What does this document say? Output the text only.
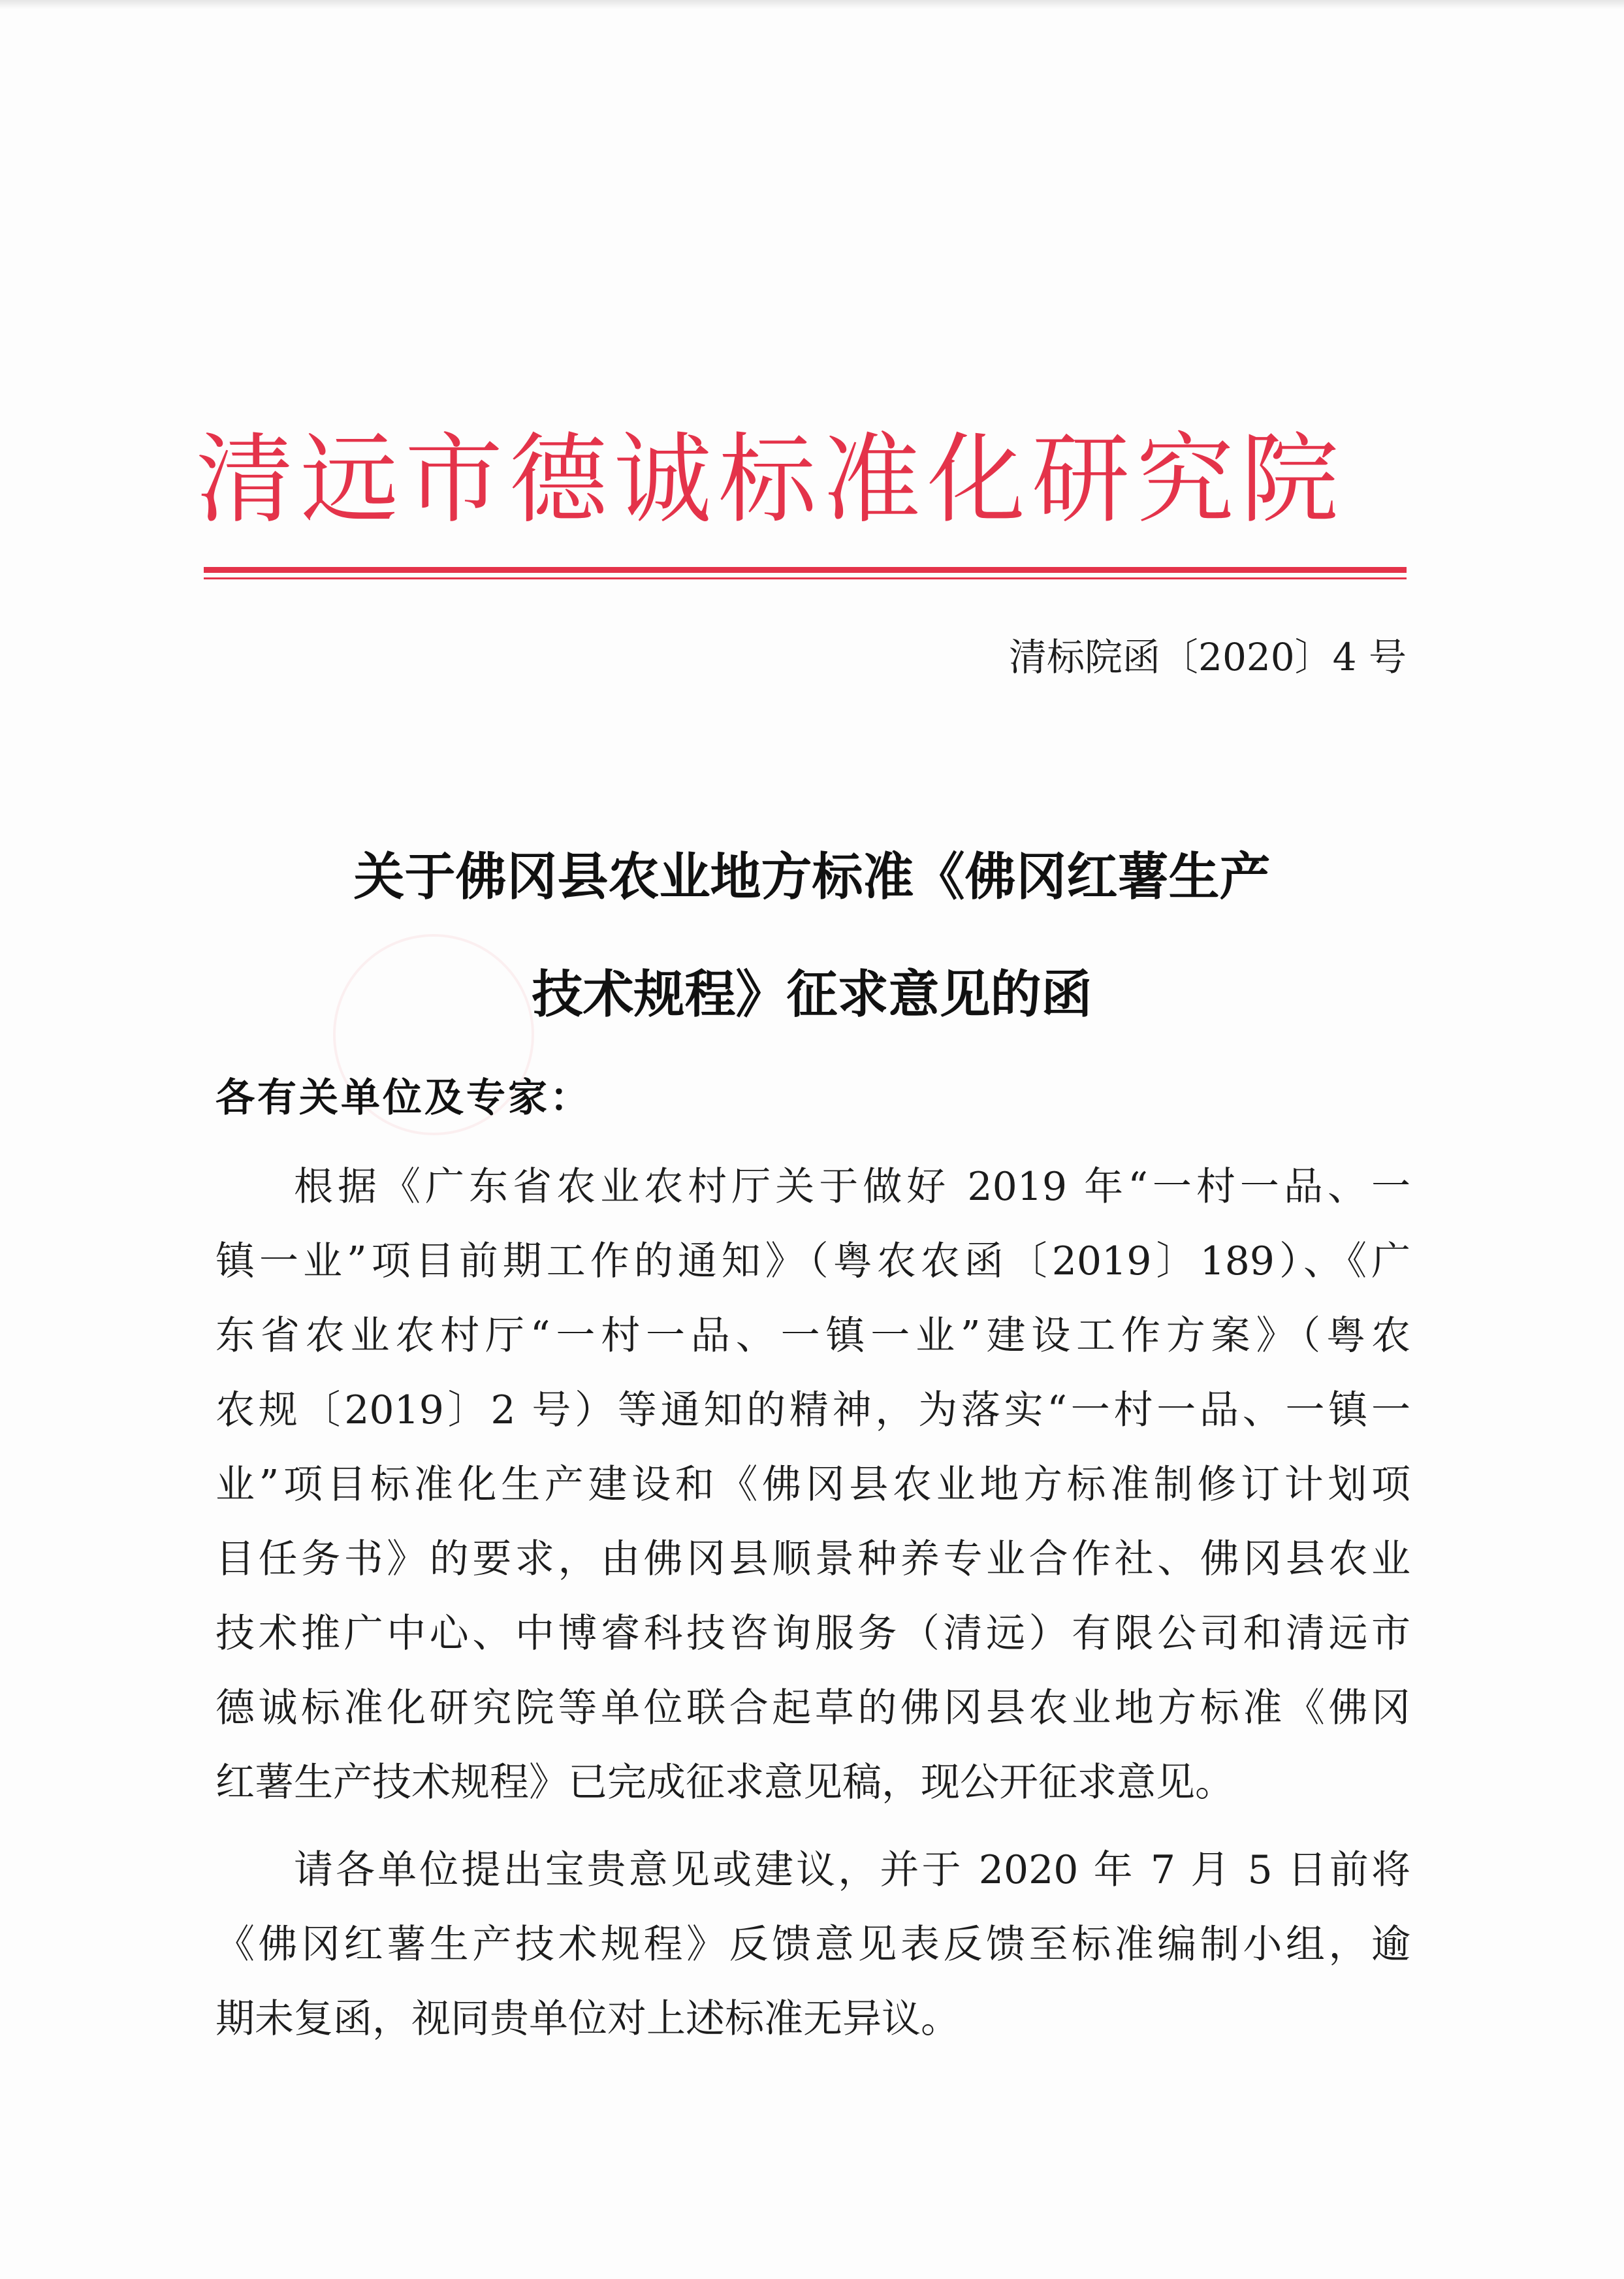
清远市德诚标准化研究院
清标院函〔2020〕4 号
关于佛冈县农业地方标准《佛冈红薯生产
技术规程》征求意见的函
各有关单位及专家：
根据《广东省农业农村厅关于做好 2019 年“一村一品、一
镇一业”项目前期工作的通知》（粤农农函〔2019〕189）、《广
东省农业农村厅“一村一品、一镇一业”建设工作方案》（粤农
农规〔2019〕2 号）等通知的精神，为落实“一村一品、一镇一
业”项目标准化生产建设和《佛冈县农业地方标准制修订计划项
目任务书》的要求，由佛冈县顺景种养专业合作社、佛冈县农业
技术推广中心、中博睿科技咨询服务（清远）有限公司和清远市
德诚标准化研究院等单位联合起草的佛冈县农业地方标准《佛冈
红薯生产技术规程》已完成征求意见稿，现公开征求意见。
请各单位提出宝贵意见或建议，并于 2020 年 7 月 5 日前将
《佛冈红薯生产技术规程》反馈意见表反馈至标准编制小组，逾
期未复函，视同贵单位对上述标准无异议。
